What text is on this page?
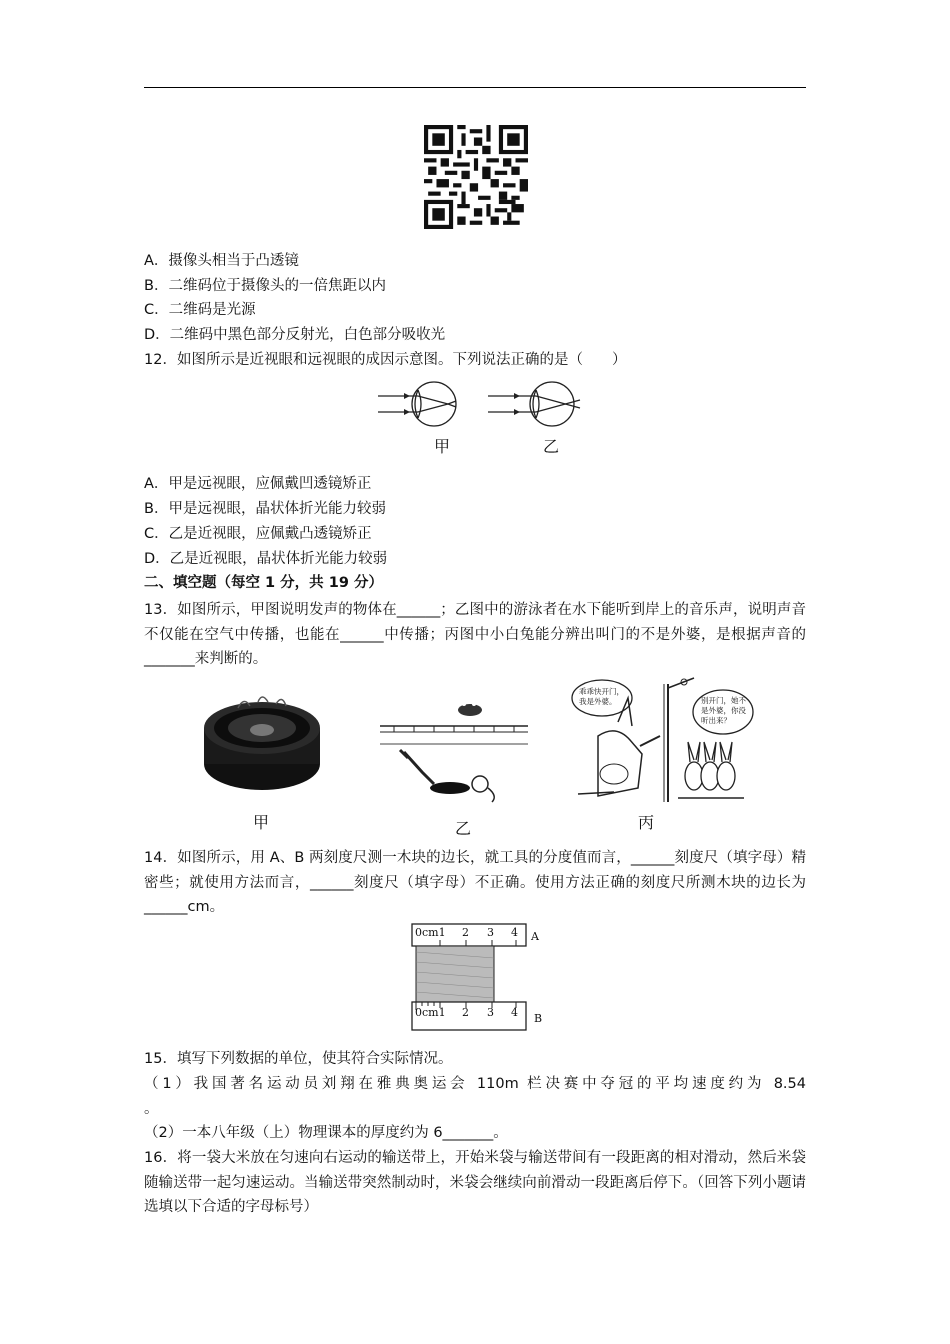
A．摄像头相当于凸透镜
B．二维码位于摄像头的一倍焦距以内
C．二维码是光源
D．二维码中黑色部分反射光，白色部分吸收光
12．如图所示是近视眼和远视眼的成因示意图。下列说法正确的是（　　）
甲	乙
A．甲是远视眼，应佩戴凹透镜矫正
B．甲是远视眼，晶状体折光能力较弱
C．乙是近视眼，应佩戴凸透镜矫正
D．乙是近视眼，晶状体折光能力较弱
二、填空题（每空 1 分，共 19 分）
13．如图所示，甲图说明发声的物体在______；乙图中的游泳者在水下能听到岸上的音乐声，说明声音不仅能在空气中传播，也能在______中传播；丙图中小白兔能分辨出叫门的不是外婆，是根据声音的_______来判断的。
乖乖快开门，我是外婆。	别开门，她不是外婆，你没听出来？
甲	乙	丙
14．如图所示，用 A、B 两刻度尺测一木块的边长，就工具的分度值而言，______刻度尺（填字母）精密些；就使用方法而言，______刻度尺（填字母）不正确。使用方法正确的刻度尺所测木块的边长为______cm。
0cm1 2 3 4 A
0cm1 2 3 4 B
15．填写下列数据的单位，使其符合实际情况。
（1）我国著名运动员刘翔在雅典奥运会 110m 栏决赛中夺冠的平均速度约为 8.54
。
（2）一本八年级（上）物理课本的厚度约为 6_______。
16．将一袋大米放在匀速向右运动的输送带上，开始米袋与输送带间有一段距离的相对滑动，然后米袋随输送带一起匀速运动。当输送带突然制动时，米袋会继续向前滑动一段距离后停下。（回答下列小题请选填以下合适的字母标号）
